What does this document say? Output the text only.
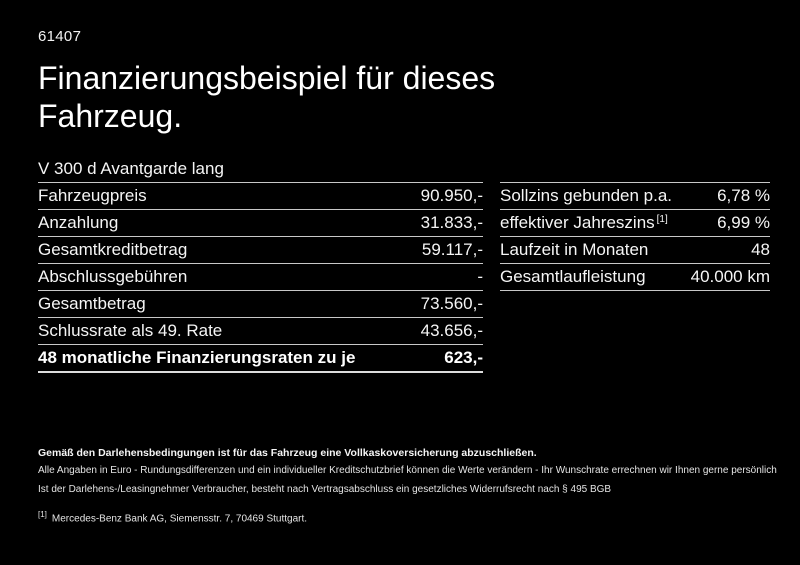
61407
Finanzierungsbeispiel für dieses Fahrzeug.
V 300 d Avantgarde lang
Fahrzeugpreis	90.950,-
Anzahlung	31.833,-
Gesamtkreditbetrag	59.117,-
Abschlussgebühren	-
Gesamtbetrag	73.560,-
Schlussrate als 49. Rate	43.656,-
48 monatliche Finanzierungsraten zu je	623,-
Sollzins gebunden p.a.	6,78 %
effektiver Jahreszins [1]	6,99 %
Laufzeit in Monaten	48
Gesamtlaufleistung	40.000 km
Gemäß den Darlehensbedingungen ist für das Fahrzeug eine Vollkaskoversicherung abzuschließen.
Alle Angaben in Euro - Rundungsdifferenzen und ein individueller Kreditschutzbrief können die Werte verändern - Ihr Wunschrate errechnen wir Ihnen gerne persönlich
Ist der Darlehens-/Leasingnehmer Verbraucher, besteht nach Vertragsabschluss ein gesetzliches Widerrufsrecht nach § 495 BGB
[1] Mercedes-Benz Bank AG, Siemensstr. 7, 70469 Stuttgart.
